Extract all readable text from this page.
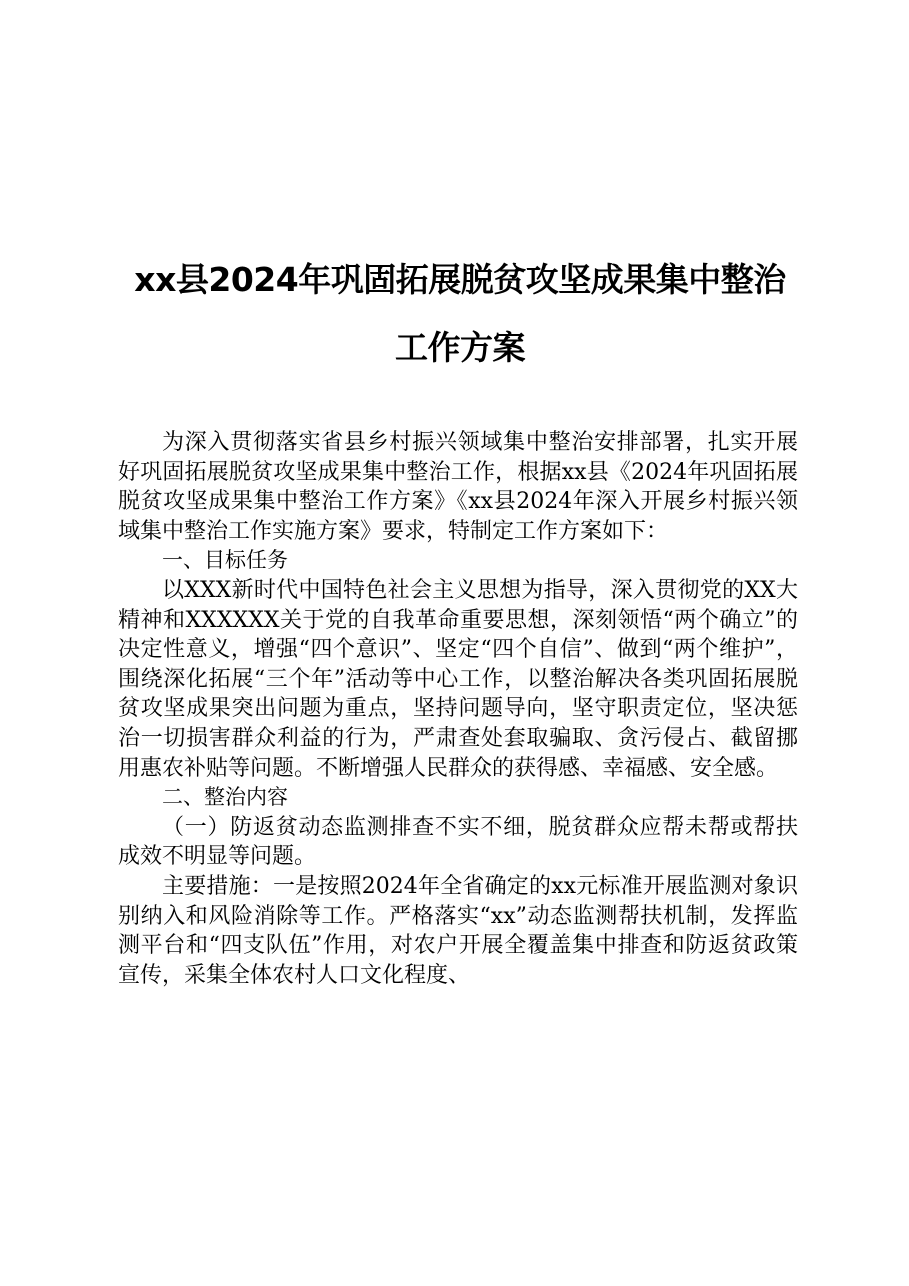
xx县2024年巩固拓展脱贫攻坚成果集中整治
工作方案

为深入贯彻落实省县乡村振兴领域集中整治安排部署，扎实开展好巩固拓展脱贫攻坚成果集中整治工作，根据xx县《2024年巩固拓展脱贫攻坚成果集中整治工作方案》《xx县2024年深入开展乡村振兴领域集中整治工作实施方案》要求，特制定工作方案如下：

一、目标任务

以XXX新时代中国特色社会主义思想为指导，深入贯彻党的XX大精神和XXXXXX关于党的自我革命重要思想，深刻领悟“两个确立”的决定性意义，增强“四个意识”、坚定“四个自信”、做到“两个维护”，围绕深化拓展“三个年”活动等中心工作，以整治解决各类巩固拓展脱贫攻坚成果突出问题为重点，坚持问题导向，坚守职责定位，坚决惩治一切损害群众利益的行为，严肃查处套取骗取、贪污侵占、截留挪用惠农补贴等问题。不断增强人民群众的获得感、幸福感、安全感。

二、整治内容

（一）防返贫动态监测排查不实不细，脱贫群众应帮未帮或帮扶成效不明显等问题。

主要措施：一是按照2024年全省确定的xx元标准开展监测对象识别纳入和风险消除等工作。严格落实“xx”动态监测帮扶机制，发挥监测平台和“四支队伍”作用，对农户开展全覆盖集中排查和防返贫政策宣传，采集全体农村人口文化程度、
